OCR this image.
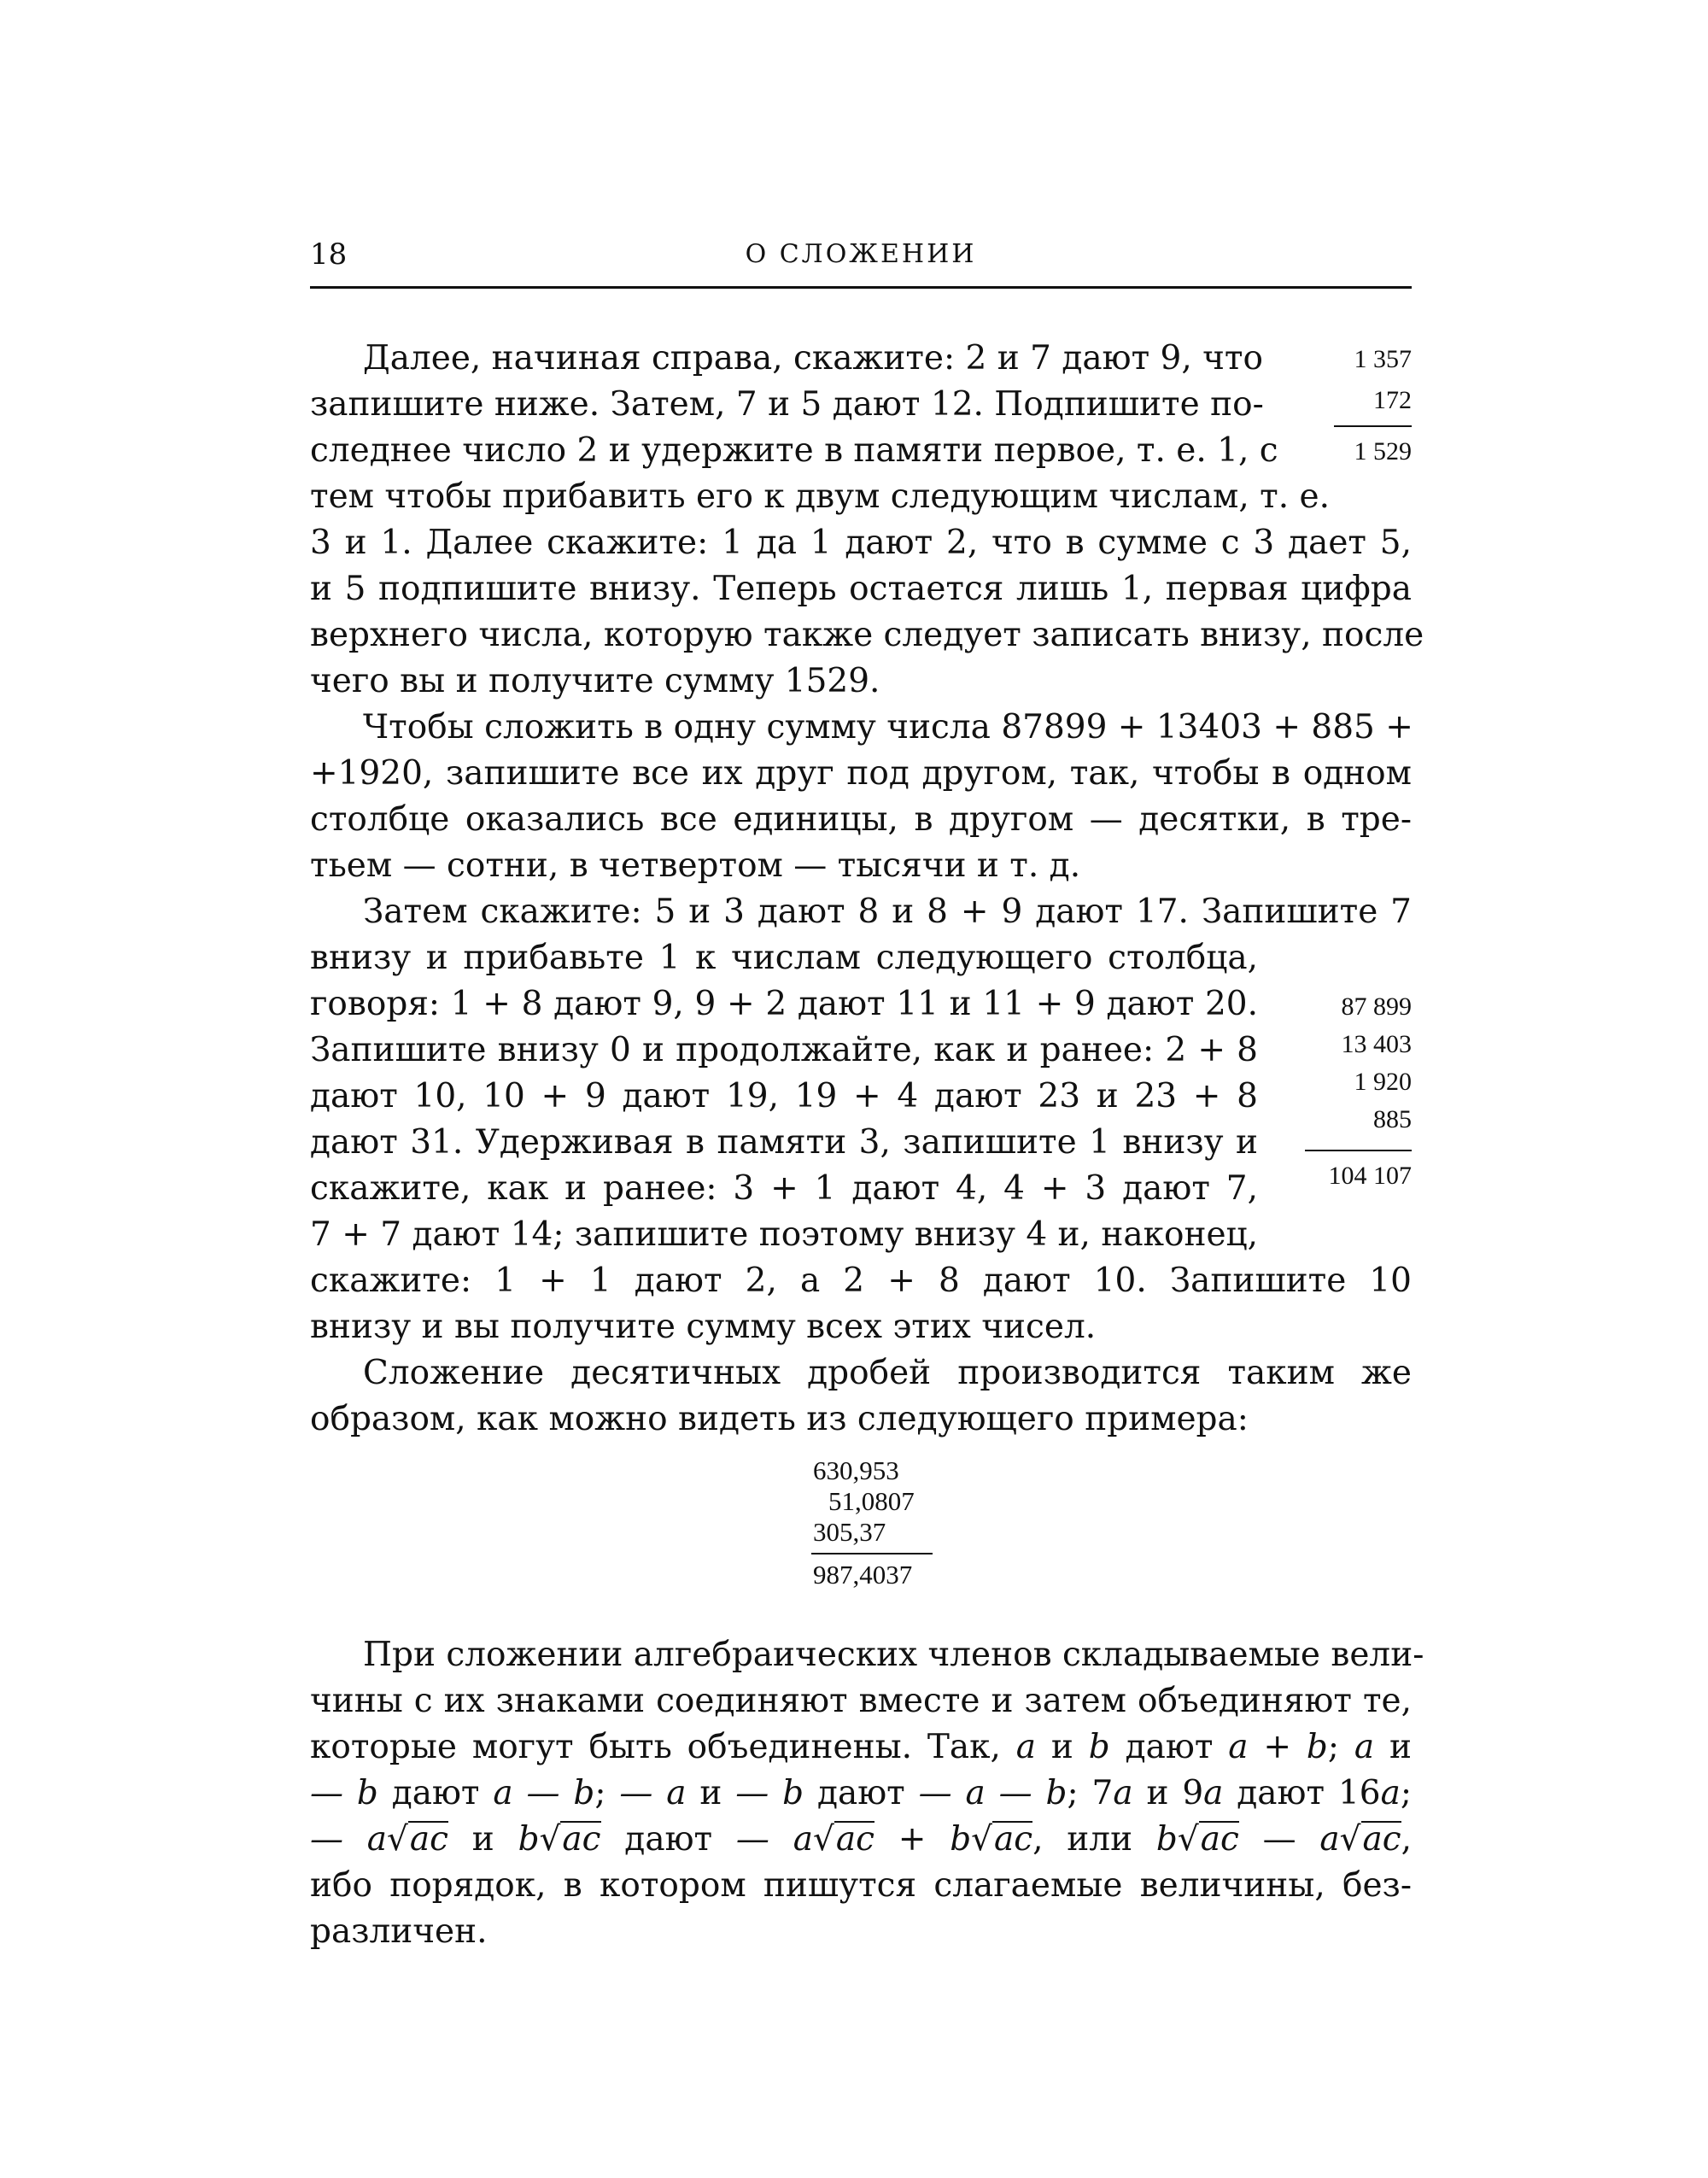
18	О СЛОЖЕНИИ
Далее, начиная справа, скажите: 2 и 7 дают 9, что
запишите ниже. Затем, 7 и 5 дают 12. Подпишите по-
следнее число 2 и удержите в памяти первое, т. е. 1, с
тем чтобы прибавить его к двум следующим числам, т. е.
3 и 1. Далее скажите: 1 да 1 дают 2, что в сумме с 3 дает 5,
и 5 подпишите внизу. Теперь остается лишь 1, первая цифра
верхнего числа, которую также следует записать внизу, после
чего вы и получите сумму 1529.
1 357
172
1 529
Чтобы сложить в одну сумму числа 87899 + 13403 + 885 +
+1920, запишите все их друг под другом, так, чтобы в одном
столбце оказались все единицы, в другом — десятки, в тре-
тьем — сотни, в четвертом — тысячи и т. д.
Затем скажите: 5 и 3 дают 8 и 8 + 9 дают 17. Запишите 7
внизу и прибавьте 1 к числам следующего столбца,
говоря: 1 + 8 дают 9, 9 + 2 дают 11 и 11 + 9 дают 20.
Запишите внизу 0 и продолжайте, как и ранее: 2 + 8
дают 10, 10 + 9 дают 19, 19 + 4 дают 23 и 23 + 8
дают 31. Удерживая в памяти 3, запишите 1 внизу и
скажите, как и ранее: 3 + 1 дают 4, 4 + 3 дают 7,
7 + 7 дают 14; запишите поэтому внизу 4 и, наконец,
скажите: 1 + 1 дают 2, а 2 + 8 дают 10. Запишите 10
внизу и вы получите сумму всех этих чисел.
87 899
13 403
1 920
885
104 107
Сложение десятичных дробей производится таким же
образом, как можно видеть из следующего примера:
630,953
51,0807
305,37
987,4037
При сложении алгебраических членов складываемые вели-
чины с их знаками соединяют вместе и затем объединяют те,
которые могут быть объединены. Так, a и b дают a + b; a и
— b дают a — b; — a и — b дают — a — b; 7a и 9a дают 16a;
— a√ac и b√ac дают — a√ac + b√ac, или b√ac — a√ac,
ибо порядок, в котором пишутся слагаемые величины, без-
различен.
